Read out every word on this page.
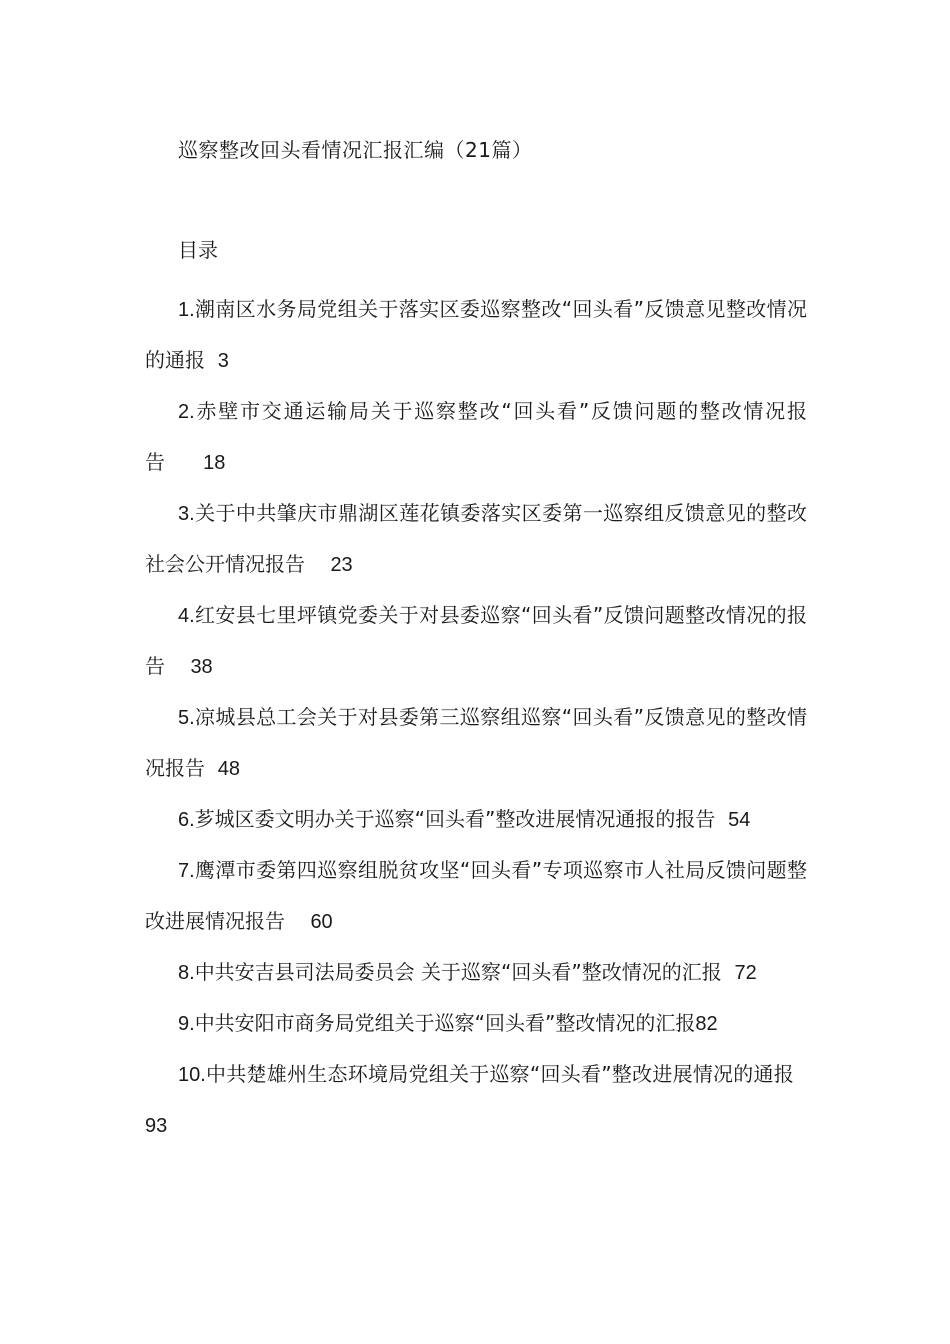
巡察整改回头看情况汇报汇编（21篇）
目录

1.潮南区水务局党组关于落实区委巡察整改“回头看”反馈意见整改情况的通报 3

2.赤壁市交通运输局关于巡察整改“回头看”反馈问题的整改情况报告 18

3.关于中共肇庆市鼎湖区莲花镇委落实区委第一巡察组反馈意见的整改社会公开情况报告 23

4.红安县七里坪镇党委关于对县委巡察“回头看”反馈问题整改情况的报告 38

5.凉城县总工会关于对县委第三巡察组巡察“回头看”反馈意见的整改情况报告 48

6.芗城区委文明办关于巡察“回头看”整改进展情况通报的报告 54

7.鹰潭市委第四巡察组脱贫攻坚“回头看”专项巡察市人社局反馈问题整改进展情况报告 60

8.中共安吉县司法局委员会 关于巡察“回头看”整改情况的汇报 72

9.中共安阳市商务局党组关于巡察“回头看”整改情况的汇报82

10.中共楚雄州生态环境局党组关于巡察“回头看”整改进展情况的通报  93
